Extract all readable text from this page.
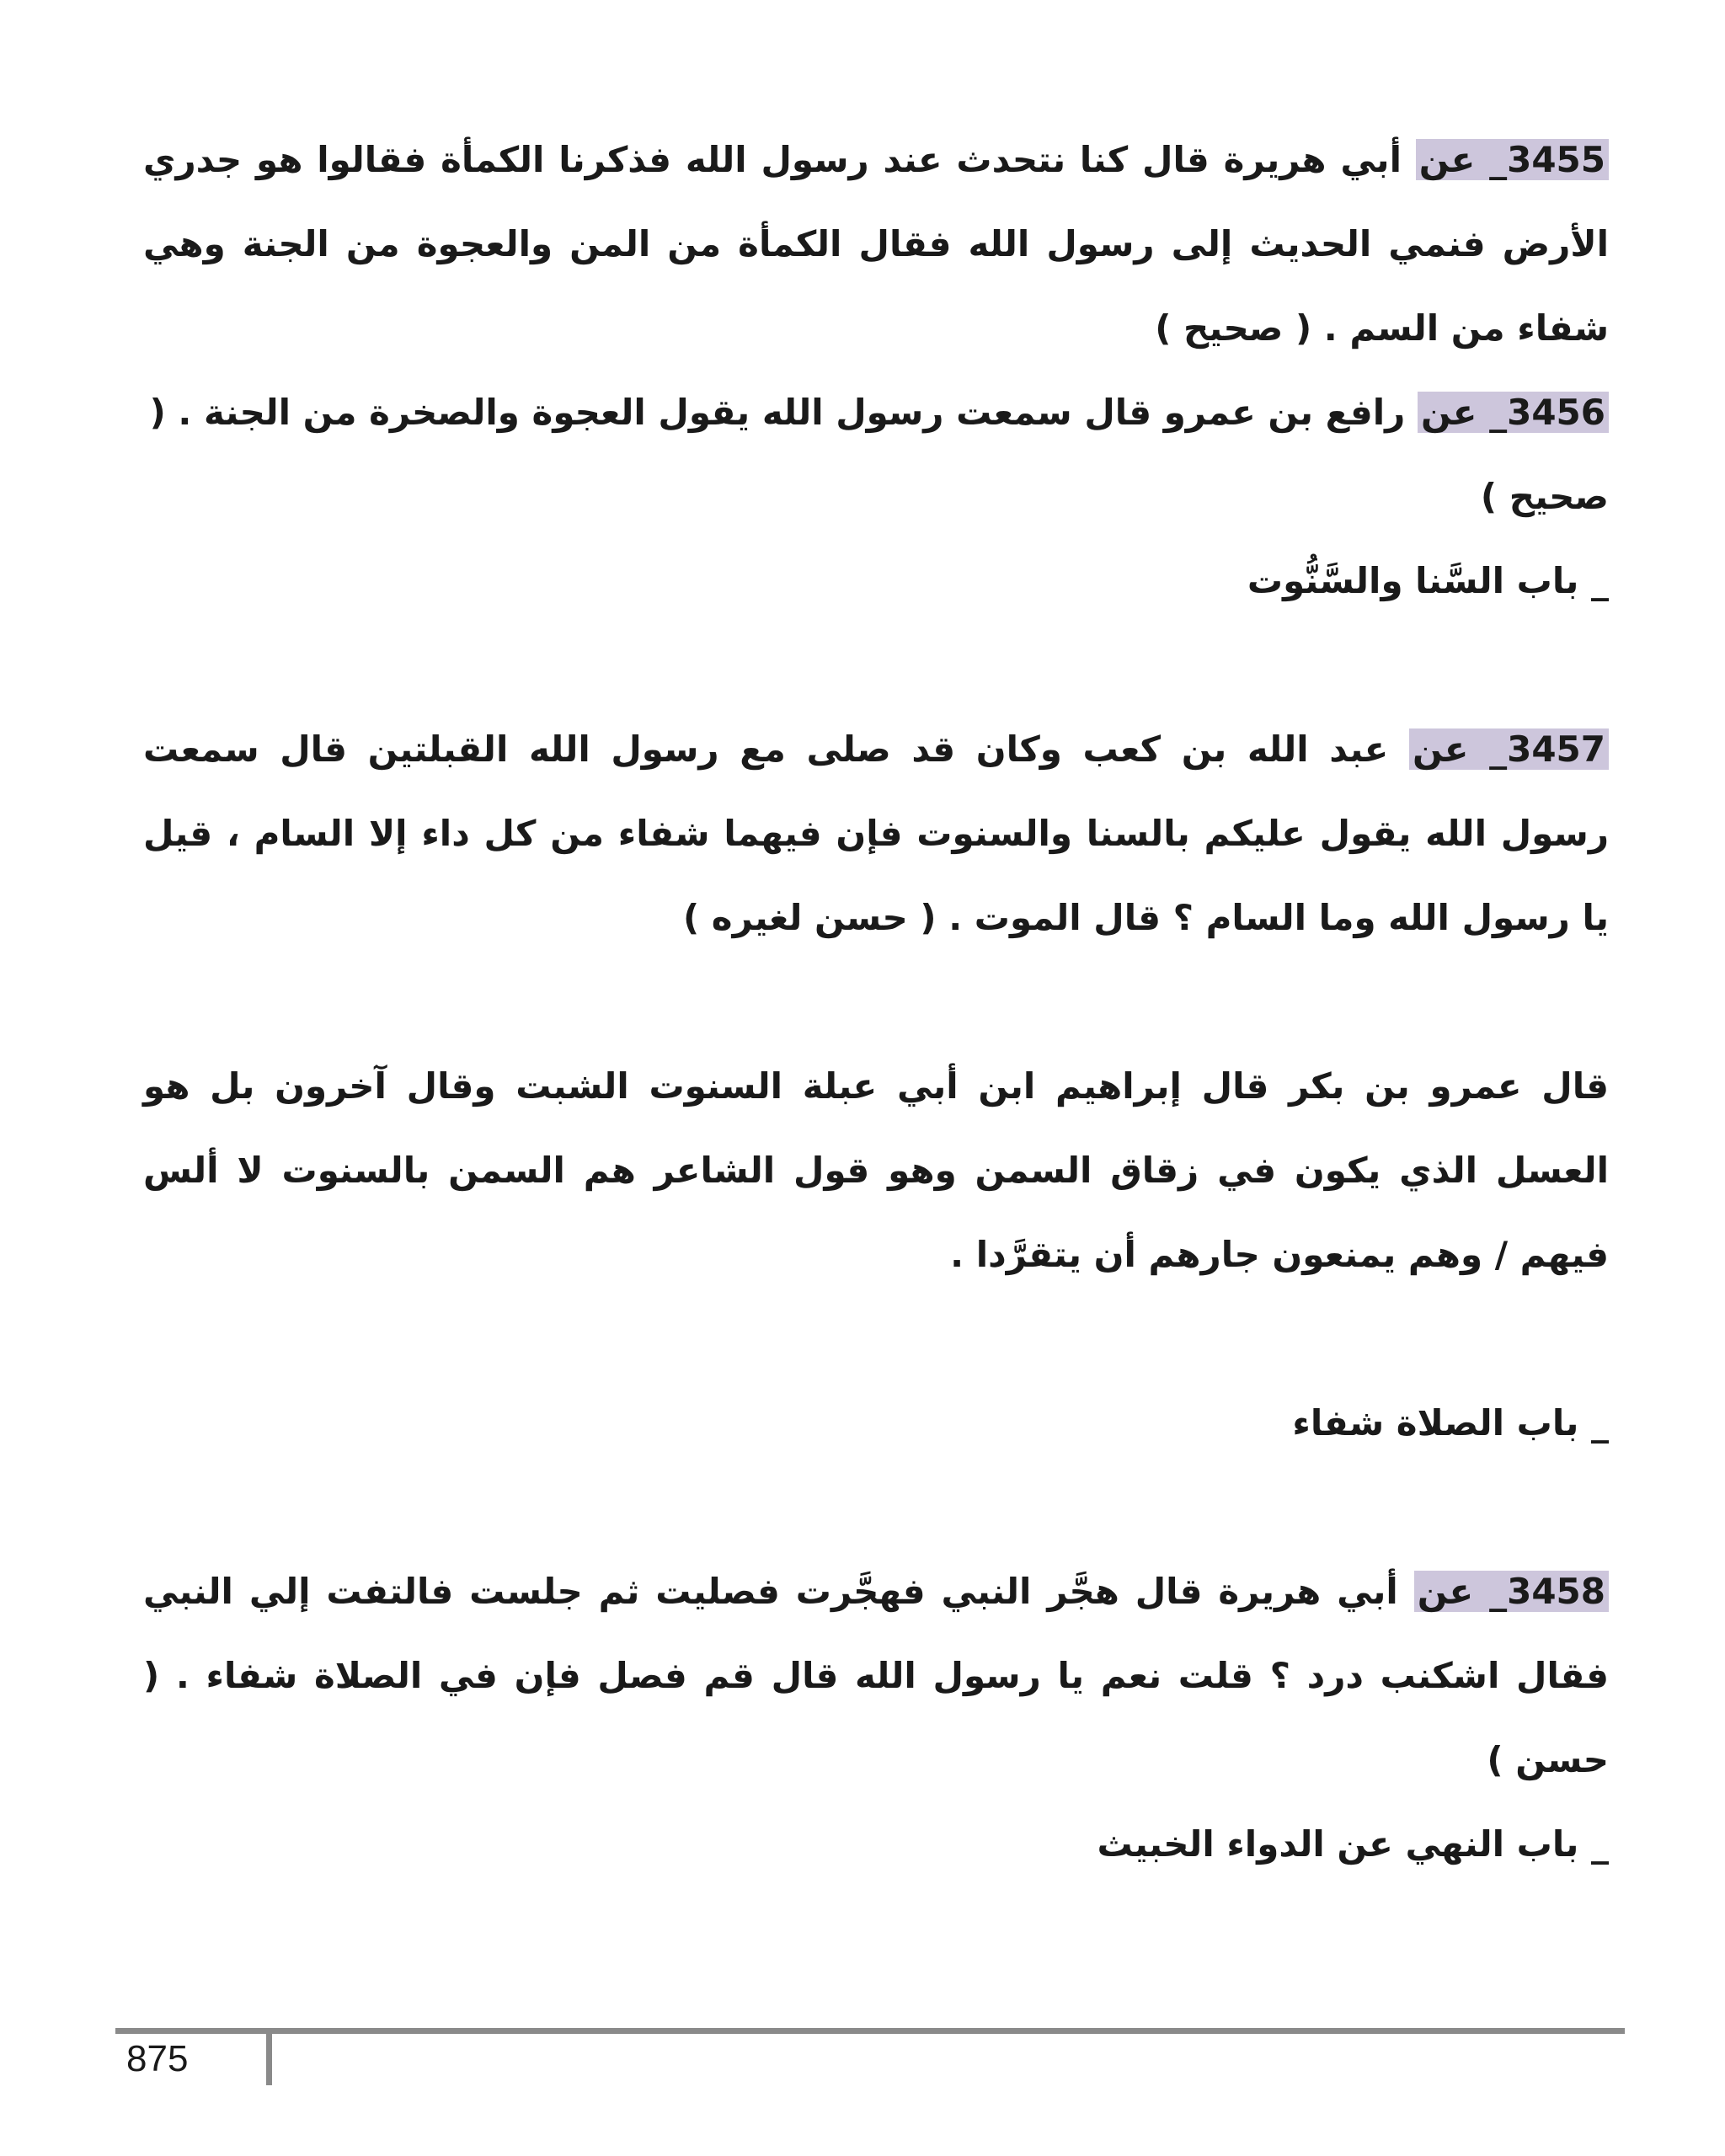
3455_ عن أبي هريرة قال كنا نتحدث عند رسول الله فذكرنا الكمأة فقالوا هو جدري الأرض فنمي الحديث إلى رسول الله فقال الكمأة من المن والعجوة من الجنة وهي شفاء من السم . ( صحيح )

3456_ عن رافع بن عمرو قال سمعت رسول الله يقول العجوة والصخرة من الجنة . ( صحيح )

_ باب السَّنا والسَّنُّوت

3457_ عن عبد الله بن كعب وكان قد صلى مع رسول الله القبلتين قال سمعت رسول الله يقول عليكم بالسنا والسنوت فإن فيهما شفاء من كل داء إلا السام ، قيل يا رسول الله وما السام ؟ قال الموت . ( حسن لغيره )

قال عمرو بن بكر قال إبراهيم ابن أبي عبلة السنوت الشبت وقال آخرون بل هو العسل الذي يكون في زقاق السمن وهو قول الشاعر هم السمن بالسنوت لا ألس فيهم / وهم يمنعون جارهم أن يتقرَّدا .

_ باب الصلاة شفاء

3458_ عن أبي هريرة قال هجَّر النبي فهجَّرت فصليت ثم جلست فالتفت إلي النبي فقال اشكنب درد ؟ قلت نعم يا رسول الله قال قم فصل فإن في الصلاة شفاء . ( حسن )

_ باب النهي عن الدواء الخبيث

875
